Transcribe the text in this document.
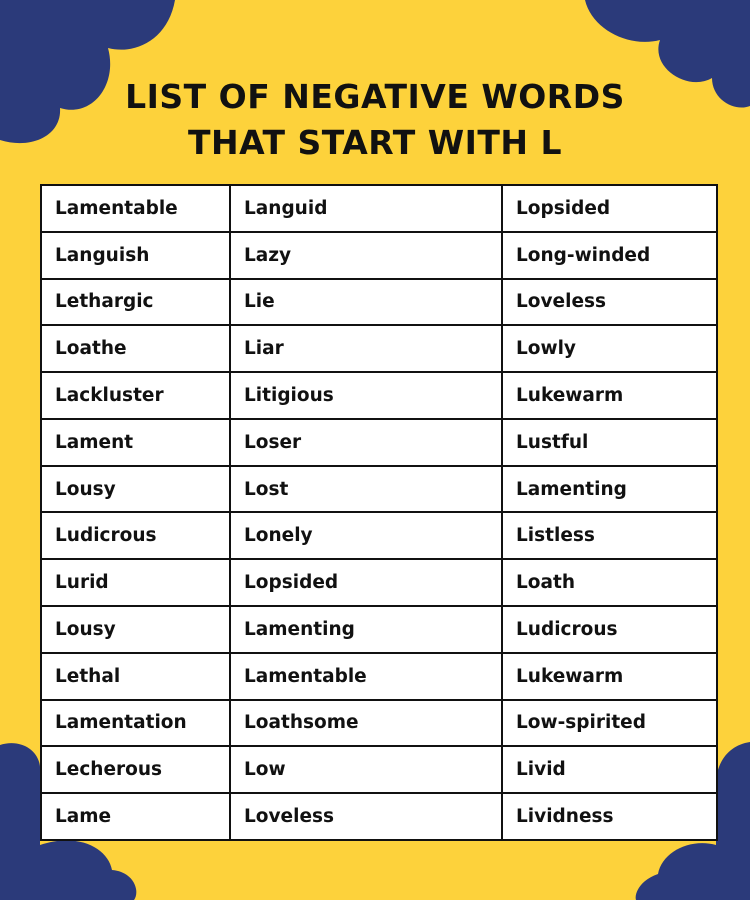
LIST OF NEGATIVE WORDS
THAT START WITH L
Lamentable	Languid	Lopsided
Languish	Lazy	Long-winded
Lethargic	Lie	Loveless
Loathe	Liar	Lowly
Lackluster	Litigious	Lukewarm
Lament	Loser	Lustful
Lousy	Lost	Lamenting
Ludicrous	Lonely	Listless
Lurid	Lopsided	Loath
Lousy	Lamenting	Ludicrous
Lethal	Lamentable	Lukewarm
Lamentation	Loathsome	Low-spirited
Lecherous	Low	Livid
Lame	Loveless	Lividness
